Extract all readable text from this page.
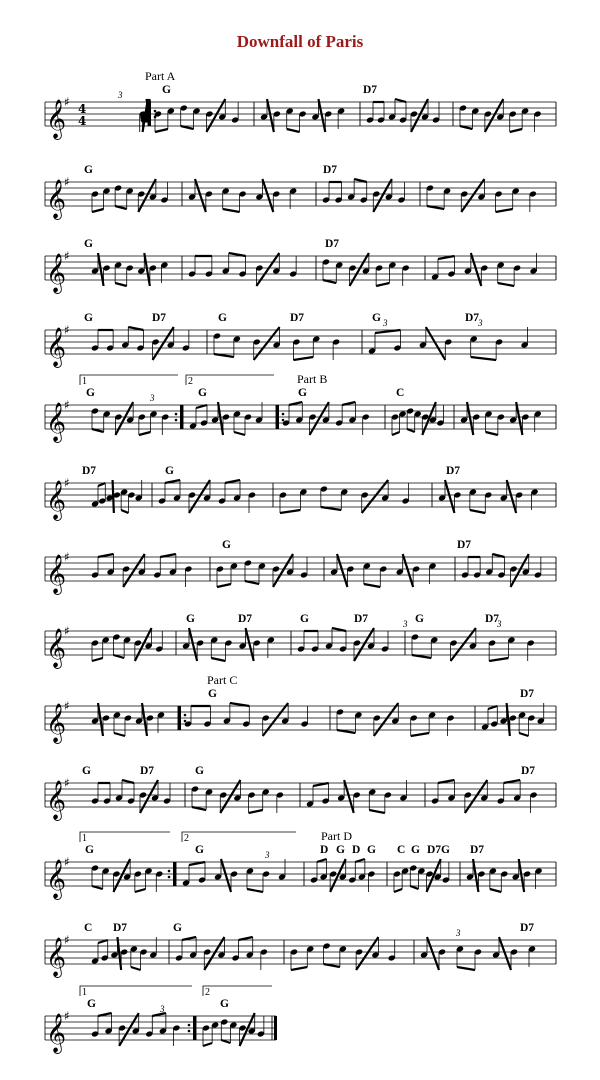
Downfall of Paris
𝄞
♯ 4
4
G	D7
𝄞
♯
G	D7
𝄞
♯
G	D7
𝄞
♯
G	D7	G	D7	G	D7
𝄞
♯
1	2
G	G	G	C
𝄞
♯
D7	G	D7
𝄞
♯
G	D7
𝄞
♯
G	D7	G	D7	G	D7
𝄞
♯
G	D7
𝄞
♯
G	D7	G	D7
𝄞
♯
1	2
G	G	D G D G C G D7G D7
𝄞
♯
C D7	G	D7
𝄞
♯
1	2
G	G
Part A
Part B
Part C
Part D
3
3
3	3
3	3
3
3
3
